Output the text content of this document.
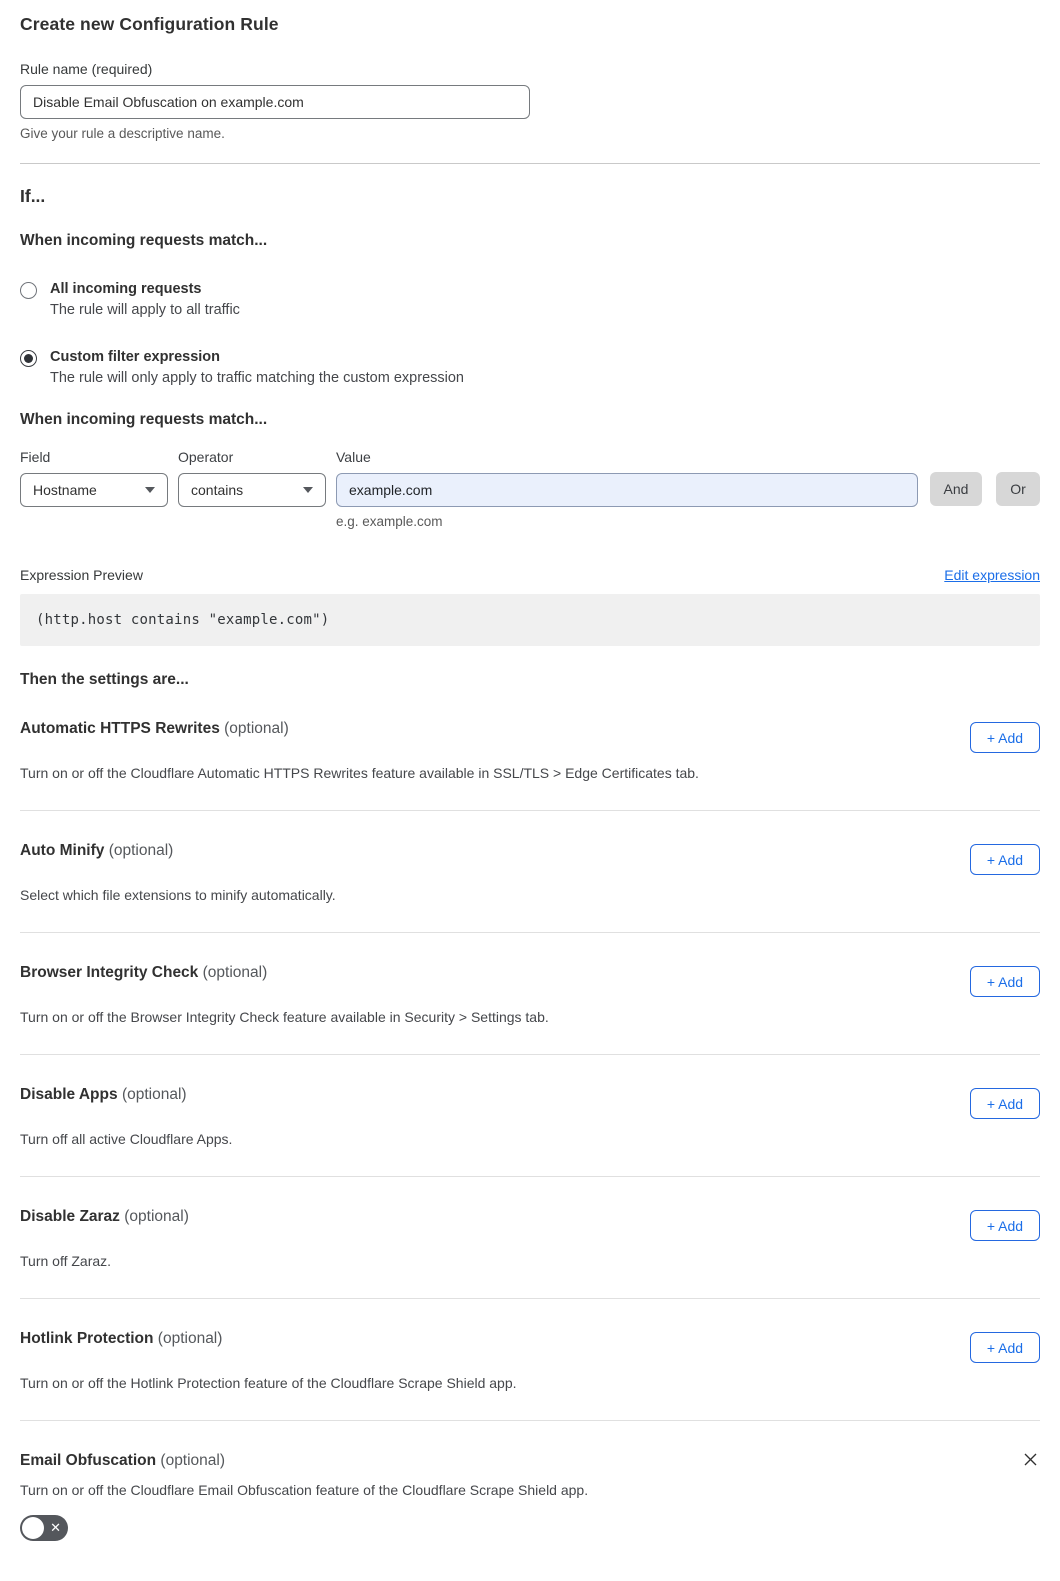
Create new Configuration Rule
Rule name (required)
Disable Email Obfuscation on example.com
Give your rule a descriptive name.
If...
When incoming requests match...
All incoming requests
The rule will apply to all traffic
Custom filter expression
The rule will only apply to traffic matching the custom expression
When incoming requests match...
Field
Hostname
Operator
contains
Value
example.com
e.g. example.com
And	Or
Expression Preview	Edit expression
(http.host contains "example.com")
Then the settings are...
Automatic HTTPS Rewrites (optional)
+ Add
Turn on or off the Cloudflare Automatic HTTPS Rewrites feature available in SSL/TLS > Edge Certificates tab.
Auto Minify (optional)
+ Add
Select which file extensions to minify automatically.
Browser Integrity Check (optional)
+ Add
Turn on or off the Browser Integrity Check feature available in Security > Settings tab.
Disable Apps (optional)
+ Add
Turn off all active Cloudflare Apps.
Disable Zaraz (optional)
+ Add
Turn off Zaraz.
Hotlink Protection (optional)
+ Add
Turn on or off the Hotlink Protection feature of the Cloudflare Scrape Shield app.
Email Obfuscation (optional)
Turn on or off the Cloudflare Email Obfuscation feature of the Cloudflare Scrape Shield app.
✕
